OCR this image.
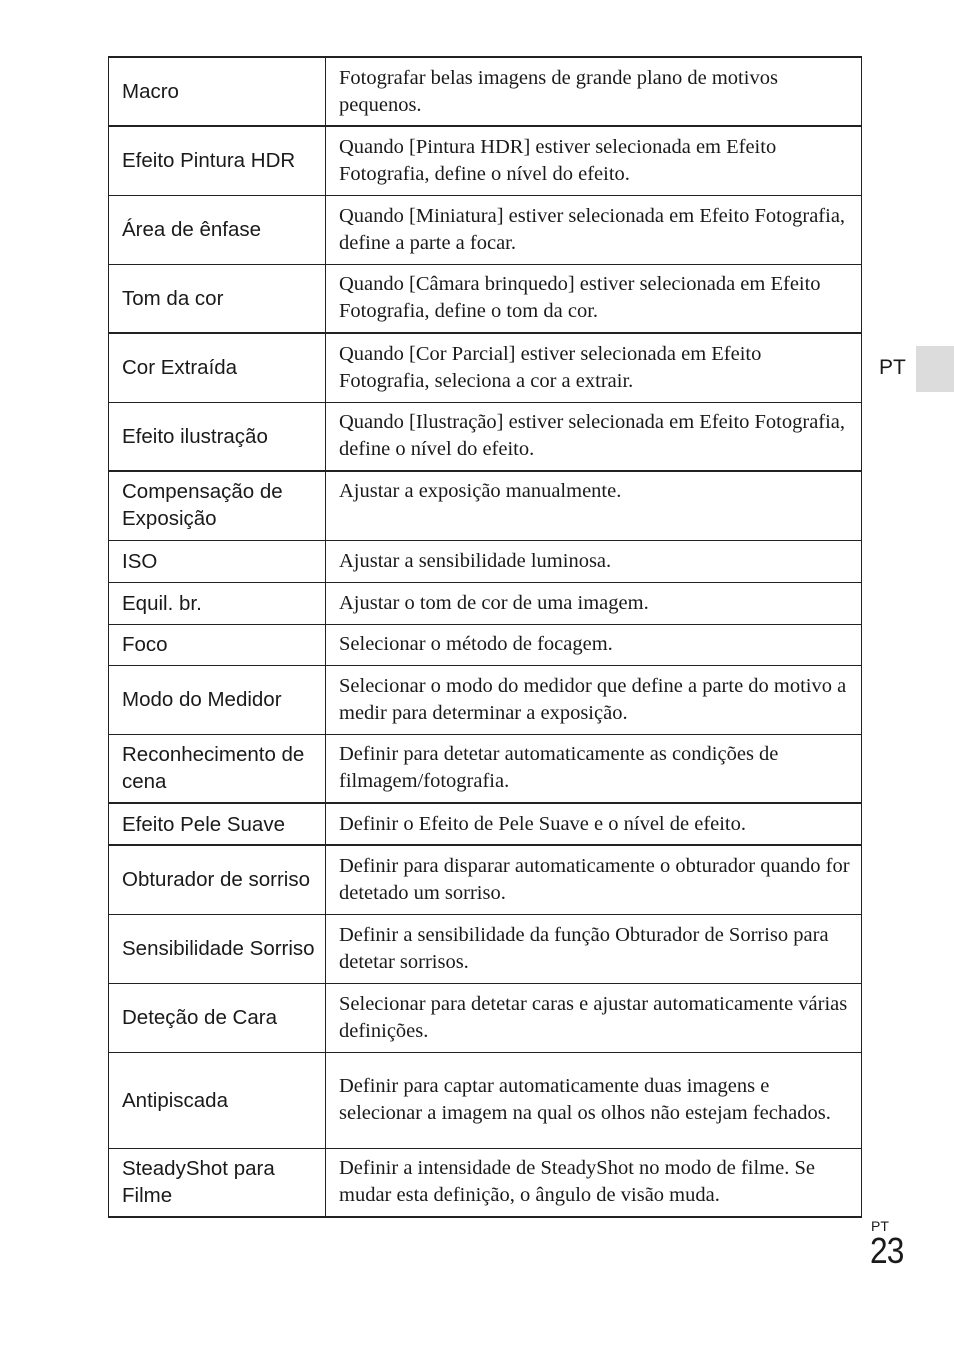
Macro	Fotografar belas imagens de grande plano de motivos pequenos.
Efeito Pintura HDR	Quando [Pintura HDR] estiver selecionada em Efeito Fotografia, define o nível do efeito.
Área de ênfase	Quando [Miniatura] estiver selecionada em Efeito Fotografia, define a parte a focar.
Tom da cor	Quando [Câmara brinquedo] estiver selecionada em Efeito Fotografia, define o tom da cor.
Cor Extraída	Quando [Cor Parcial] estiver selecionada em Efeito Fotografia, seleciona a cor a extrair.
Efeito ilustração	Quando [Ilustração] estiver selecionada em Efeito Fotografia, define o nível do efeito.
Compensação de Exposição	Ajustar a exposição manualmente.
ISO	Ajustar a sensibilidade luminosa.
Equil. br.	Ajustar o tom de cor de uma imagem.
Foco	Selecionar o método de focagem.
Modo do Medidor	Selecionar o modo do medidor que define a parte do motivo a medir para determinar a exposição.
Reconhecimento de cena	Definir para detetar automaticamente as condições de filmagem/fotografia.
Efeito Pele Suave	Definir o Efeito de Pele Suave e o nível de efeito.
Obturador de sorriso	Definir para disparar automaticamente o obturador quando for detetado um sorriso.
Sensibilidade Sorriso	Definir a sensibilidade da função Obturador de Sorriso para detetar sorrisos.
Deteção de Cara	Selecionar para detetar caras e ajustar automaticamente várias definições.
Antipiscada	Definir para captar automaticamente duas imagens e selecionar a imagem na qual os olhos não estejam fechados.
SteadyShot para Filme	Definir a intensidade de SteadyShot no modo de filme. Se mudar esta definição, o ângulo de visão muda.
PT
PT
23
